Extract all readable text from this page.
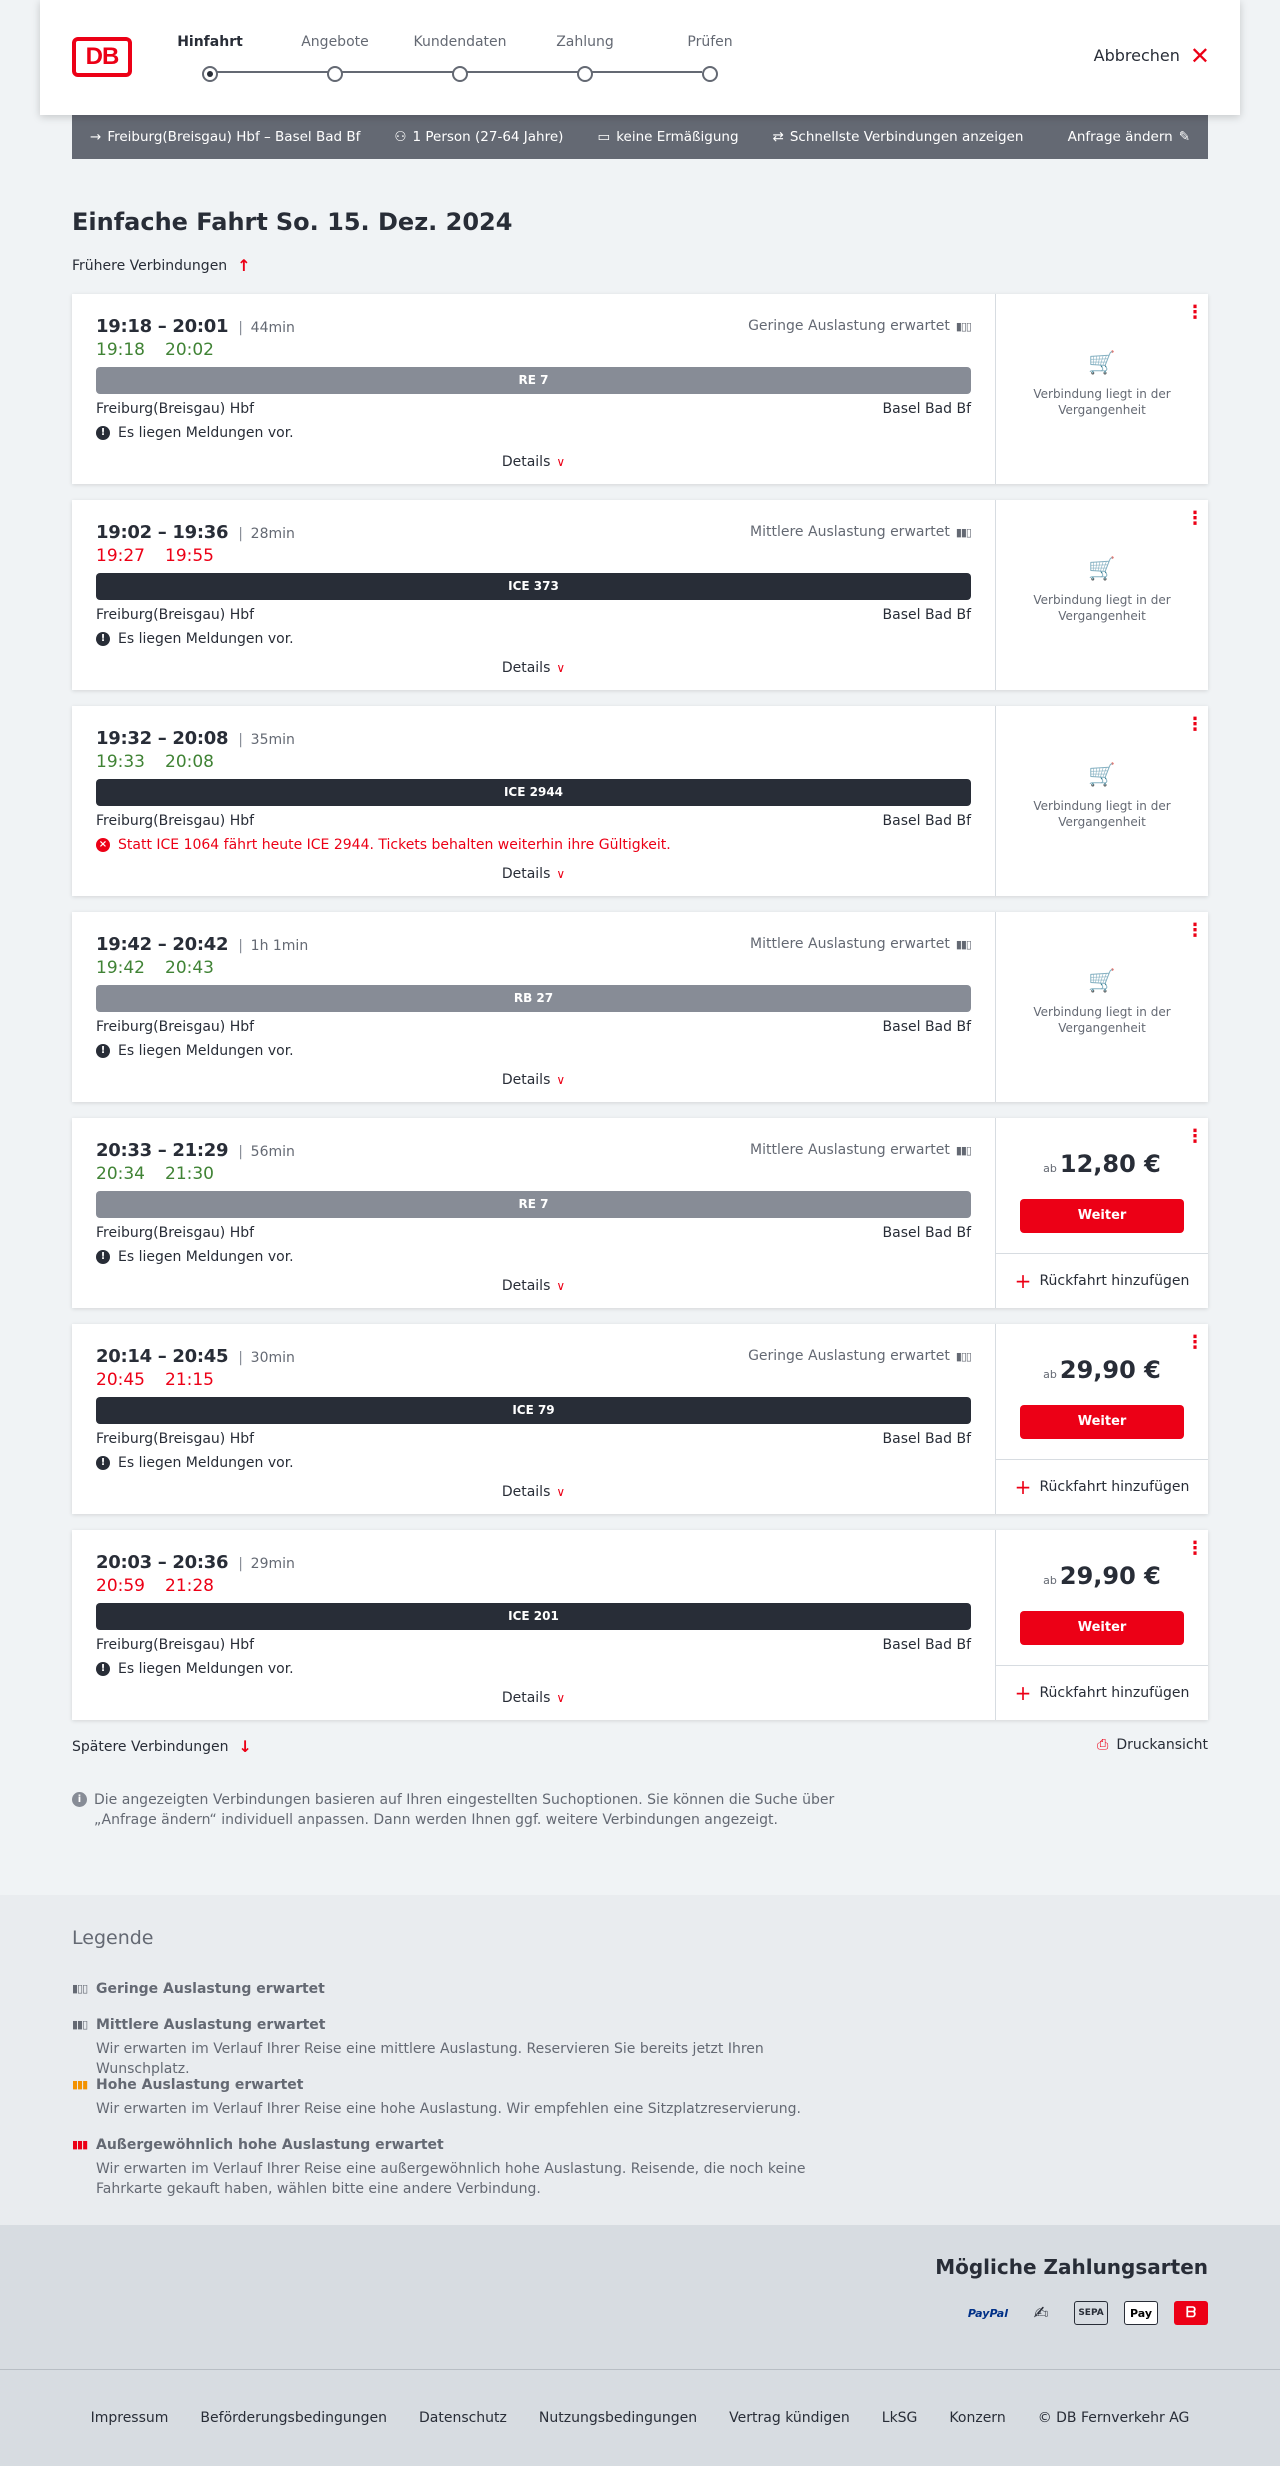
DB
Hinfahrt	Angebote	Kundendaten	Zahlung	Prüfen
Abbrechen ✕
→ Freiburg(Breisgau) Hbf – Basel Bad Bf	⚇ 1 Person (27-64 Jahre)	▭ keine Ermäßigung	⇄ Schnellste Verbindungen anzeigen	Anfrage ändern ✎
Einfache Fahrt So. 15. Dez. 2024
Frühere Verbindungen ↑
19:18 – 20:01 | 44min
19:18 20:02
Geringe Auslastung erwartet ▮▯▯
RE 7
Freiburg(Breisgau) Hbf	Basel Bad Bf
! Es liegen Meldungen vor.
Details ∨
⋮
🛒
Verbindung liegt in der Vergangenheit
19:02 – 19:36 | 28min
19:27 19:55
Mittlere Auslastung erwartet ▮▮▯
ICE 373
Freiburg(Breisgau) Hbf	Basel Bad Bf
! Es liegen Meldungen vor.
Details ∨
⋮
🛒
Verbindung liegt in der Vergangenheit
19:32 – 20:08 | 35min
19:33 20:08
ICE 2944
Freiburg(Breisgau) Hbf	Basel Bad Bf
× Statt ICE 1064 fährt heute ICE 2944. Tickets behalten weiterhin ihre Gültigkeit.
Details ∨
⋮
🛒
Verbindung liegt in der Vergangenheit
19:42 – 20:42 | 1h 1min
19:42 20:43
Mittlere Auslastung erwartet ▮▮▯
RB 27
Freiburg(Breisgau) Hbf	Basel Bad Bf
! Es liegen Meldungen vor.
Details ∨
⋮
🛒
Verbindung liegt in der Vergangenheit
20:33 – 21:29 | 56min
20:34 21:30
Mittlere Auslastung erwartet ▮▮▯
RE 7
Freiburg(Breisgau) Hbf	Basel Bad Bf
! Es liegen Meldungen vor.
Details ∨
⋮
ab 12,80 €
Weiter
+ Rückfahrt hinzufügen
20:14 – 20:45 | 30min
20:45 21:15
Geringe Auslastung erwartet ▮▯▯
ICE 79
Freiburg(Breisgau) Hbf	Basel Bad Bf
! Es liegen Meldungen vor.
Details ∨
⋮
ab 29,90 €
Weiter
+ Rückfahrt hinzufügen
20:03 – 20:36 | 29min
20:59 21:28
ICE 201
Freiburg(Breisgau) Hbf	Basel Bad Bf
! Es liegen Meldungen vor.
Details ∨
⋮
ab 29,90 €
Weiter
+ Rückfahrt hinzufügen
Spätere Verbindungen ↓	⎙ Druckansicht
i Die angezeigten Verbindungen basieren auf Ihren eingestellten Suchoptionen. Sie können die Suche über „Anfrage ändern“ individuell anpassen. Dann werden Ihnen ggf. weitere Verbindungen angezeigt.
Legende
▮▯▯ Geringe Auslastung erwartet
▮▮▯ Mittlere Auslastung erwartet
Wir erwarten im Verlauf Ihrer Reise eine mittlere Auslastung. Reservieren Sie bereits jetzt Ihren Wunschplatz.
▮▮▮ Hohe Auslastung erwartet
Wir erwarten im Verlauf Ihrer Reise eine hohe Auslastung. Wir empfehlen eine Sitzplatzreservierung.
▮▮▮ Außergewöhnlich hohe Auslastung erwartet
Wir erwarten im Verlauf Ihrer Reise eine außergewöhnlich hohe Auslastung. Reisende, die noch keine Fahrkarte gekauft haben, wählen bitte eine andere Verbindung.
Mögliche Zahlungsarten
PayPal	✍	SEPA	Pay	ᗷ
Impressum Beförderungsbedingungen Datenschutz Nutzungsbedingungen Vertrag kündigen LkSG Konzern © DB Fernverkehr AG
